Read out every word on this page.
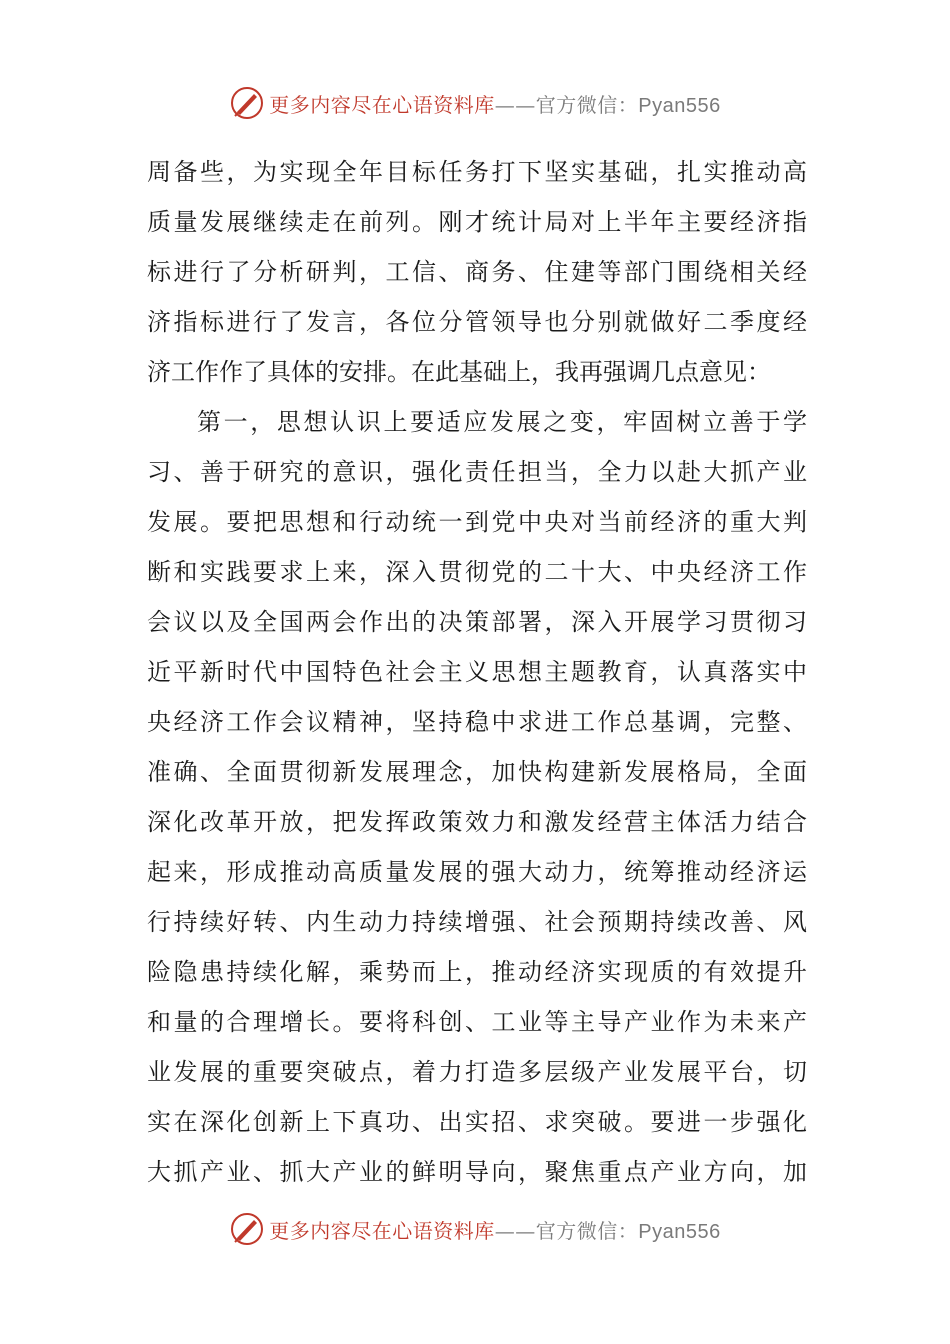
更多内容尽在心语资料库——官方微信：Pyan556
周备些，为实现全年目标任务打下坚实基础，扎实推动高
质量发展继续走在前列。刚才统计局对上半年主要经济指
标进行了分析研判，工信、商务、住建等部门围绕相关经
济指标进行了发言，各位分管领导也分别就做好二季度经
济工作作了具体的安排。在此基础上，我再强调几点意见：
第一，思想认识上要适应发展之变，牢固树立善于学
习、善于研究的意识，强化责任担当，全力以赴大抓产业
发展。要把思想和行动统一到党中央对当前经济的重大判
断和实践要求上来，深入贯彻党的二十大、中央经济工作
会议以及全国两会作出的决策部署，深入开展学习贯彻习
近平新时代中国特色社会主义思想主题教育，认真落实中
央经济工作会议精神，坚持稳中求进工作总基调，完整、
准确、全面贯彻新发展理念，加快构建新发展格局，全面
深化改革开放，把发挥政策效力和激发经营主体活力结合
起来，形成推动高质量发展的强大动力，统筹推动经济运
行持续好转、内生动力持续增强、社会预期持续改善、风
险隐患持续化解，乘势而上，推动经济实现质的有效提升
和量的合理增长。要将科创、工业等主导产业作为未来产
业发展的重要突破点，着力打造多层级产业发展平台，切
实在深化创新上下真功、出实招、求突破。要进一步强化
大抓产业、抓大产业的鲜明导向，聚焦重点产业方向，加
更多内容尽在心语资料库——官方微信：Pyan556
